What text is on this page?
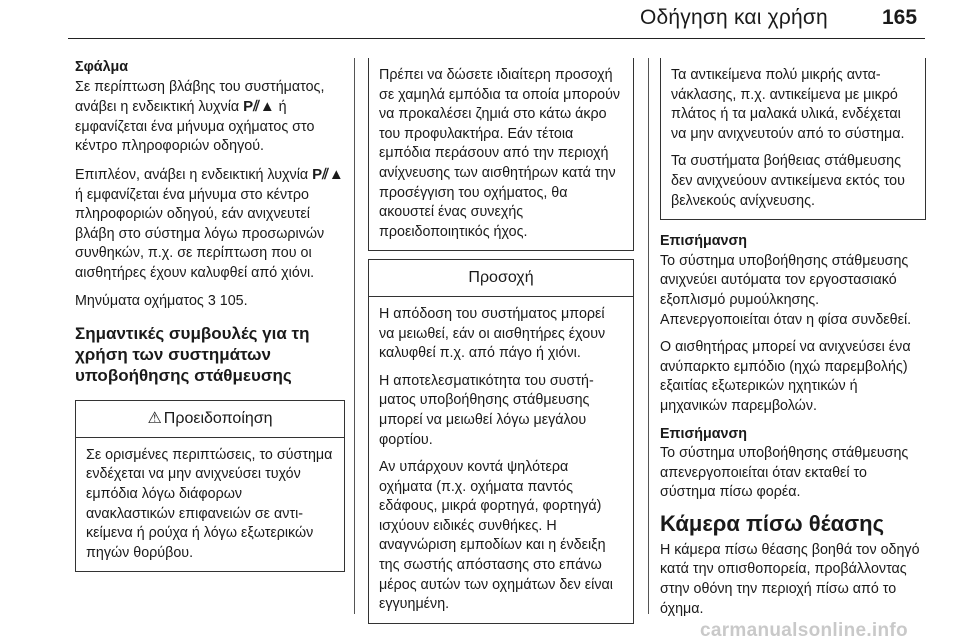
Οδήγηση και χρήση	165

Σφάλμα

Σε περίπτωση βλάβης του συστήματος, ανάβει η ενδεικτική λυχνία P⫽▲ ή εμφανίζεται ένα μήνυμα οχήματος στο κέντρο πληροφοριών οδηγού.

Επιπλέον, ανάβει η ενδεικτική λυχνία P⫽▲ ή εμφανίζεται ένα μήνυμα στο κέντρο πληροφοριών οδηγού, εάν ανιχνευτεί βλάβη στο σύστημα λόγω προσωρινών συνθηκών, π.χ. σε περίπτωση που οι αισθητήρες έχουν καλυφθεί από χιόνι.

Μηνύματα οχήματος 3 105.

Σημαντικές συμβουλές για τη χρήση των συστημάτων υποβοήθησης στάθμευσης
⚠ Προειδοποίηση

Σε ορισμένες περιπτώσεις, το σύστημα ενδέχεται να μην ανιχνεύσει τυχόν εμπόδια λόγω διάφορων ανακλαστικών επιφανειών σε αντικείμενα ή ρούχα ή λόγω εξωτερικών πηγών θορύβου.

Πρέπει να δώσετε ιδιαίτερη προσοχή σε χαμηλά εμπόδια τα οποία μπορούν να προκαλέσει ζημιά στο κάτω άκρο του προφυλακτήρα. Εάν τέτοια εμπόδια περάσουν από την περιοχή ανίχνευσης των αισθητήρων κατά την προσέγγιση του οχήματος, θα ακουστεί ένας συνεχής προειδοποιητικός ήχος.

Προσοχή

Η απόδοση του συστήματος μπορεί να μειωθεί, εάν οι αισθητήρες έχουν καλυφθεί π.χ. από πάγο ή χιόνι.

Η αποτελεσματικότητα του συστήματος υποβοήθησης στάθμευσης μπορεί να μειωθεί λόγω μεγάλου φορτίου.

Αν υπάρχουν κοντά ψηλότερα οχήματα (π.χ. οχήματα παντός εδάφους, μικρά φορτηγά, φορτηγά) ισχύουν ειδικές συνθήκες. Η αναγνώριση εμποδίων και η ένδειξη της σωστής απόστασης στο επάνω μέρος αυτών των οχημάτων δεν είναι εγγυημένη.

Τα αντικείμενα πολύ μικρής αντανάκλασης, π.χ. αντικείμενα με μικρό πλάτος ή τα μαλακά υλικά, ενδέχεται να μην ανιχνευτούν από το σύστημα.

Τα συστήματα βοήθειας στάθμευσης δεν ανιχνεύουν αντικείμενα εκτός του βελνεκούς ανίχνευσης.

Επισήμανση

Το σύστημα υποβοήθησης στάθμευσης ανιχνεύει αυτόματα τον εργοστασιακό εξοπλισμό ρυμούλκησης. Απενεργοποιείται όταν η φίσα συνδεθεί.

Ο αισθητήρας μπορεί να ανιχνεύσει ένα ανύπαρκτο εμπόδιο (ηχώ παρεμβολής) εξαιτίας εξωτερικών ηχητικών ή μηχανικών παρεμβολών.

Επισήμανση

Το σύστημα υποβοήθησης στάθμευσης απενεργοποιείται όταν εκταθεί το σύστημα πίσω φορέα.

Κάμερα πίσω θέασης

Η κάμερα πίσω θέασης βοηθά τον οδηγό κατά την οπισθοπορεία, προβάλλοντας στην οθόνη την περιοχή πίσω από το όχημα.

carmanualsonline.info
